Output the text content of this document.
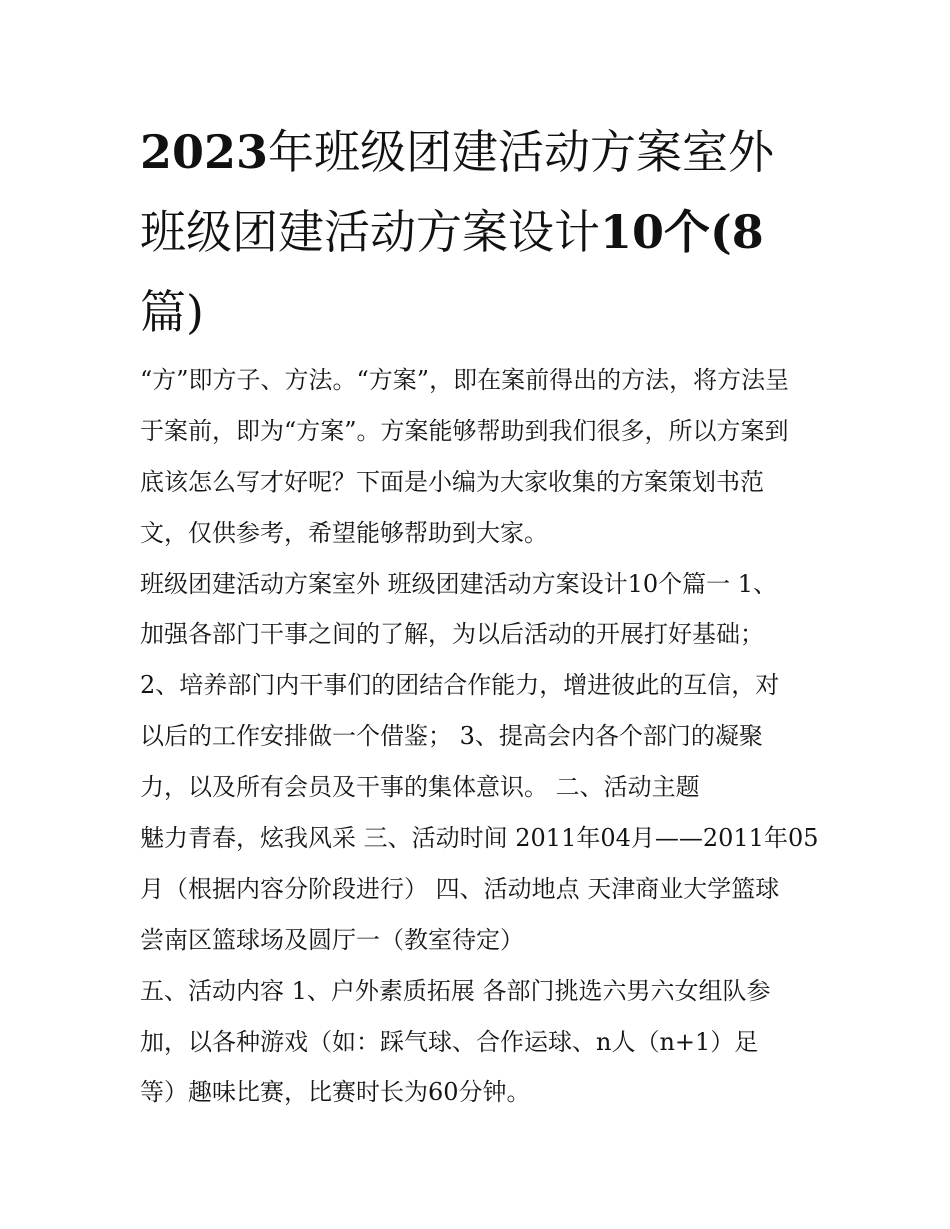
2023年班级团建活动方案室外
班级团建活动方案设计10个(8
篇)
“方”即方子、方法。“方案”，即在案前得出的方法，将方法呈
于案前，即为“方案”。方案能够帮助到我们很多，所以方案到
底该怎么写才好呢？下面是小编为大家收集的方案策划书范
文，仅供参考，希望能够帮助到大家。
班级团建活动方案室外 班级团建活动方案设计10个篇一 1、
加强各部门干事之间的了解，为以后活动的开展打好基础；
2、培养部门内干事们的团结合作能力，增进彼此的互信，对
以后的工作安排做一个借鉴； 3、提高会内各个部门的凝聚
力，以及所有会员及干事的集体意识。 二、活动主题
魅力青春，炫我风采 三、活动时间 2011年04月——2011年05
月（根据内容分阶段进行） 四、活动地点 天津商业大学篮球
尝南区篮球场及圆厅一（教室待定）
五、活动内容 1、户外素质拓展 各部门挑选六男六女组队参
加，以各种游戏（如：踩气球、合作运球、n人（n+1）足
等）趣味比赛，比赛时长为60分钟。
